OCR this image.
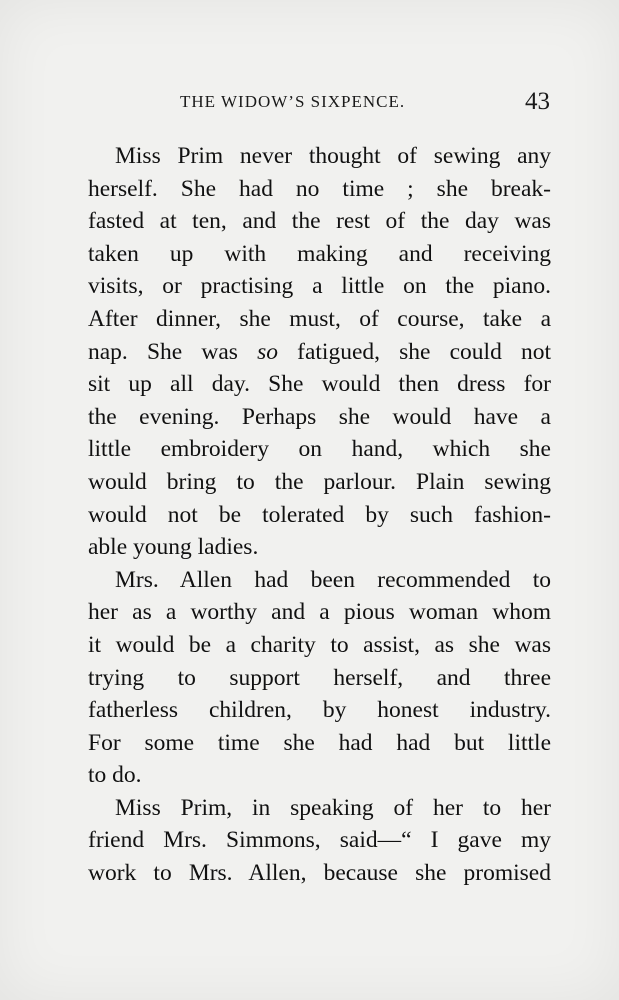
THE WIDOW’S SIXPENCE.	43
Miss Prim never thought of sewing any
herself. She had no time ; she break-
fasted at ten, and the rest of the day was
taken up with making and receiving
visits, or practising a little on the piano.
After dinner, she must, of course, take a
nap. She was so fatigued, she could not
sit up all day. She would then dress for
the evening. Perhaps she would have a
little embroidery on hand, which she
would bring to the parlour. Plain sewing
would not be tolerated by such fashion-
able young ladies.
Mrs. Allen had been recommended to
her as a worthy and a pious woman whom
it would be a charity to assist, as she was
trying to support herself, and three
fatherless children, by honest industry.
For some time she had had but little
to do.
Miss Prim, in speaking of her to her
friend Mrs. Simmons, said—“ I gave my
work to Mrs. Allen, because she promised
